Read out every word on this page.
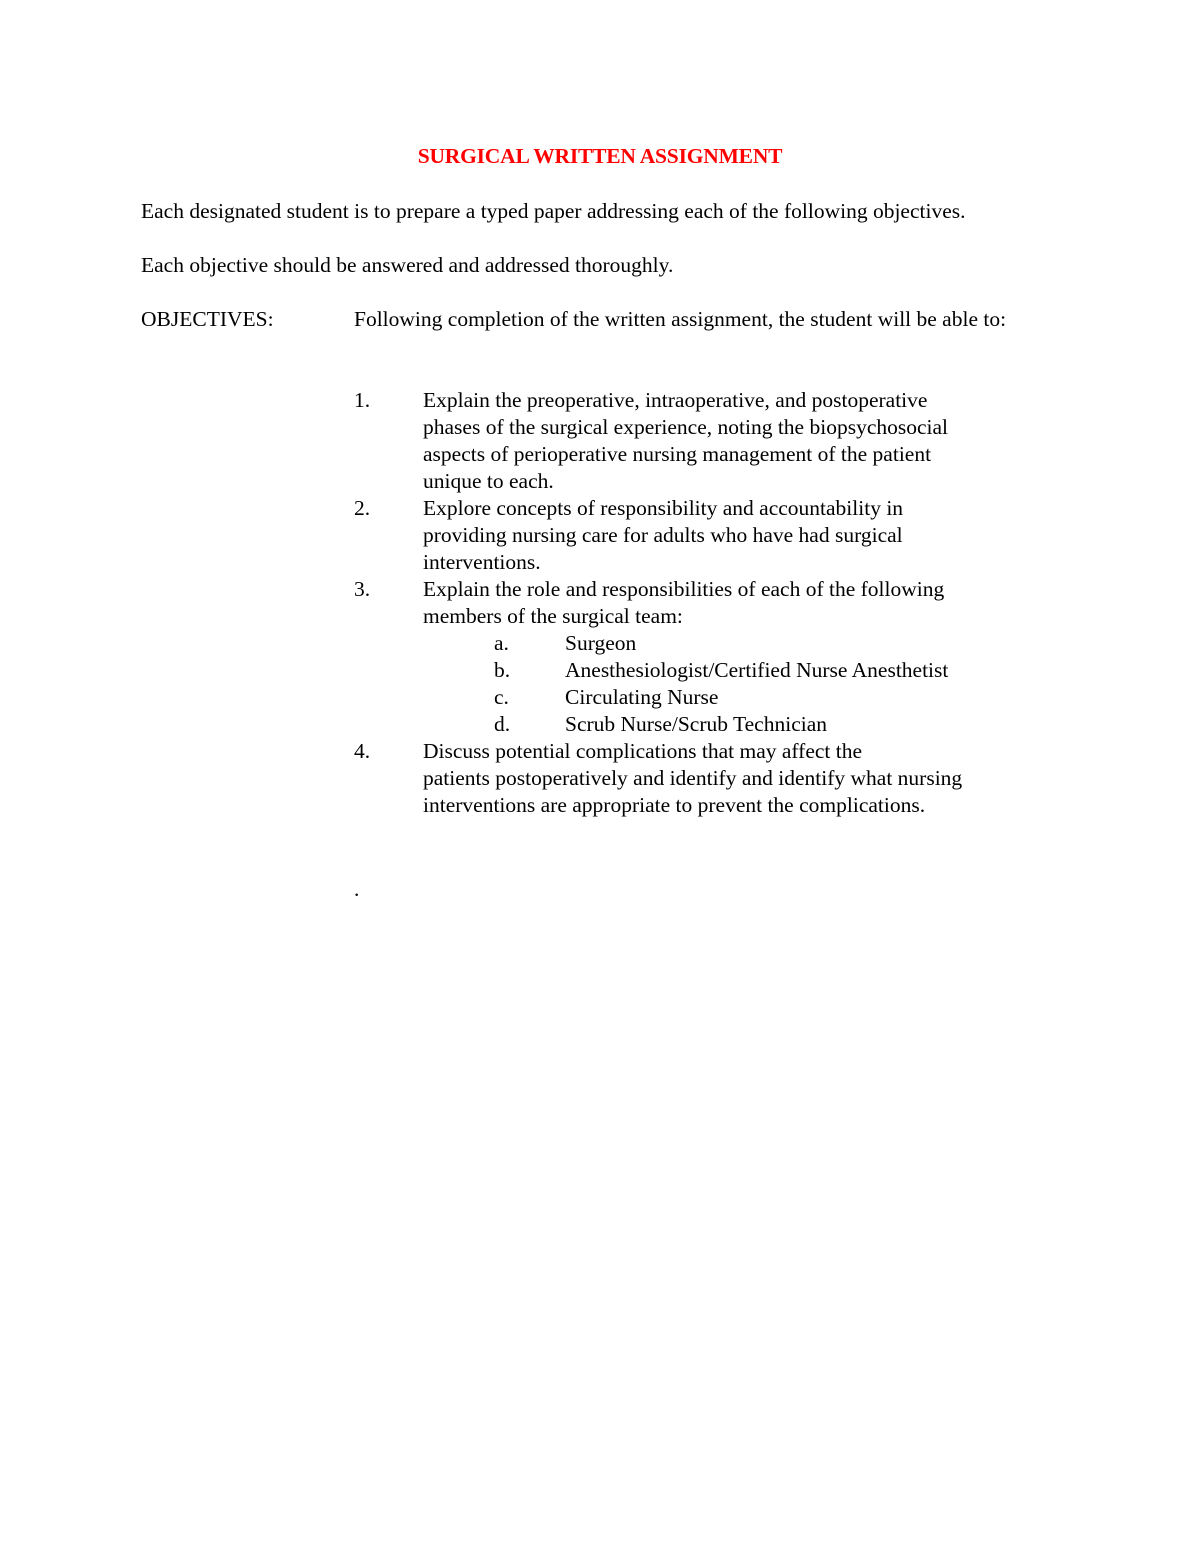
SURGICAL WRITTEN ASSIGNMENT
Each designated student is to prepare a typed paper addressing each of the following objectives.
Each objective should be answered and addressed thoroughly.
OBJECTIVES:	Following completion of the written assignment, the student will be able to:
1. Explain the preoperative, intraoperative, and postoperative
phases of the surgical experience, noting the biopsychosocial
aspects of perioperative nursing management of the patient
unique to each.
2. Explore concepts of responsibility and accountability in
providing nursing care for adults who have had surgical
interventions.
3. Explain the role and responsibilities of each of the following
members of the surgical team:
a.	Surgeon
b.	Anesthesiologist/Certified Nurse Anesthetist
c.	Circulating Nurse
d.	Scrub Nurse/Scrub Technician
4. Discuss potential complications that may affect the
patients postoperatively and identify and identify what nursing
interventions are appropriate to prevent the complications.
.
